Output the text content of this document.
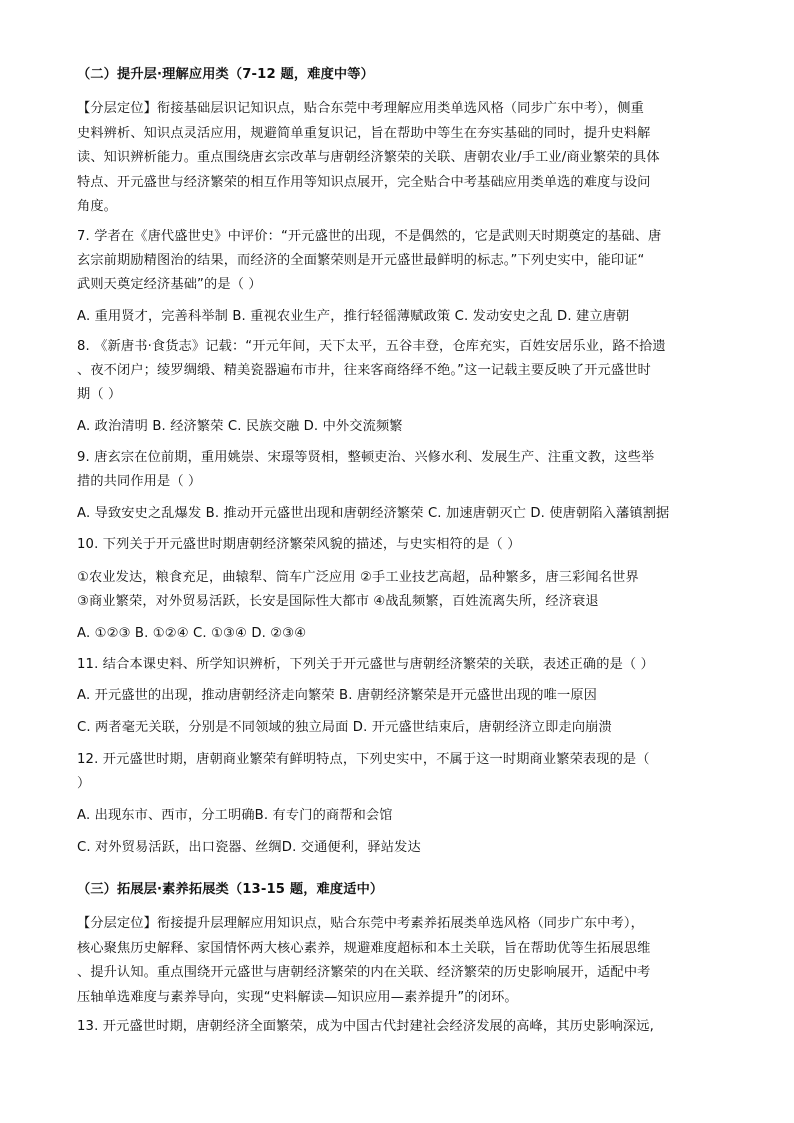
（二）提升层·理解应用类（7-12 题，难度中等）
【分层定位】衔接基础层识记知识点，贴合东莞中考理解应用类单选风格（同步广东中考），侧重
史料辨析、知识点灵活应用，规避简单重复识记，旨在帮助中等生在夯实基础的同时，提升史料解
读、知识辨析能力。重点围绕唐玄宗改革与唐朝经济繁荣的关联、唐朝农业/手工业/商业繁荣的具体
特点、开元盛世与经济繁荣的相互作用等知识点展开，完全贴合中考基础应用类单选的难度与设问
角度。
7. 学者在《唐代盛世史》中评价：“开元盛世的出现，不是偶然的，它是武则天时期奠定的基础、唐
玄宗前期励精图治的结果，而经济的全面繁荣则是开元盛世最鲜明的标志。”下列史实中，能印证“
武则天奠定经济基础”的是（ ）
A. 重用贤才，完善科举制 B. 重视农业生产，推行轻徭薄赋政策 C. 发动安史之乱 D. 建立唐朝
8. 《新唐书·食货志》记载：“开元年间，天下太平，五谷丰登，仓库充实，百姓安居乐业，路不拾遗
、夜不闭户；绫罗绸缎、精美瓷器遍布市井，往来客商络绎不绝。”这一记载主要反映了开元盛世时
期（ ）
A. 政治清明 B. 经济繁荣 C. 民族交融 D. 中外交流频繁
9. 唐玄宗在位前期，重用姚崇、宋璟等贤相，整顿吏治、兴修水利、发展生产、注重文教，这些举
措的共同作用是（ ）
A. 导致安史之乱爆发 B. 推动开元盛世出现和唐朝经济繁荣 C. 加速唐朝灭亡 D. 使唐朝陷入藩镇割据
10. 下列关于开元盛世时期唐朝经济繁荣风貌的描述，与史实相符的是（ ）
①农业发达，粮食充足，曲辕犁、筒车广泛应用 ②手工业技艺高超，品种繁多，唐三彩闻名世界
③商业繁荣，对外贸易活跃，长安是国际性大都市 ④战乱频繁，百姓流离失所，经济衰退
A. ①②③ B. ①②④ C. ①③④ D. ②③④
11. 结合本课史料、所学知识辨析，下列关于开元盛世与唐朝经济繁荣的关联，表述正确的是（ ）
A. 开元盛世的出现，推动唐朝经济走向繁荣 B. 唐朝经济繁荣是开元盛世出现的唯一原因
C. 两者毫无关联，分别是不同领域的独立局面 D. 开元盛世结束后，唐朝经济立即走向崩溃
12. 开元盛世时期，唐朝商业繁荣有鲜明特点，下列史实中，不属于这一时期商业繁荣表现的是（
）
A. 出现东市、西市，分工明确B. 有专门的商帮和会馆
C. 对外贸易活跃，出口瓷器、丝绸D. 交通便利，驿站发达
（三）拓展层·素养拓展类（13-15 题，难度适中）
【分层定位】衔接提升层理解应用知识点，贴合东莞中考素养拓展类单选风格（同步广东中考），
核心聚焦历史解释、家国情怀两大核心素养，规避难度超标和本土关联，旨在帮助优等生拓展思维
、提升认知。重点围绕开元盛世与唐朝经济繁荣的内在关联、经济繁荣的历史影响展开，适配中考
压轴单选难度与素养导向，实现“史料解读—知识应用—素养提升”的闭环。
13. 开元盛世时期，唐朝经济全面繁荣，成为中国古代封建社会经济发展的高峰，其历史影响深远,
